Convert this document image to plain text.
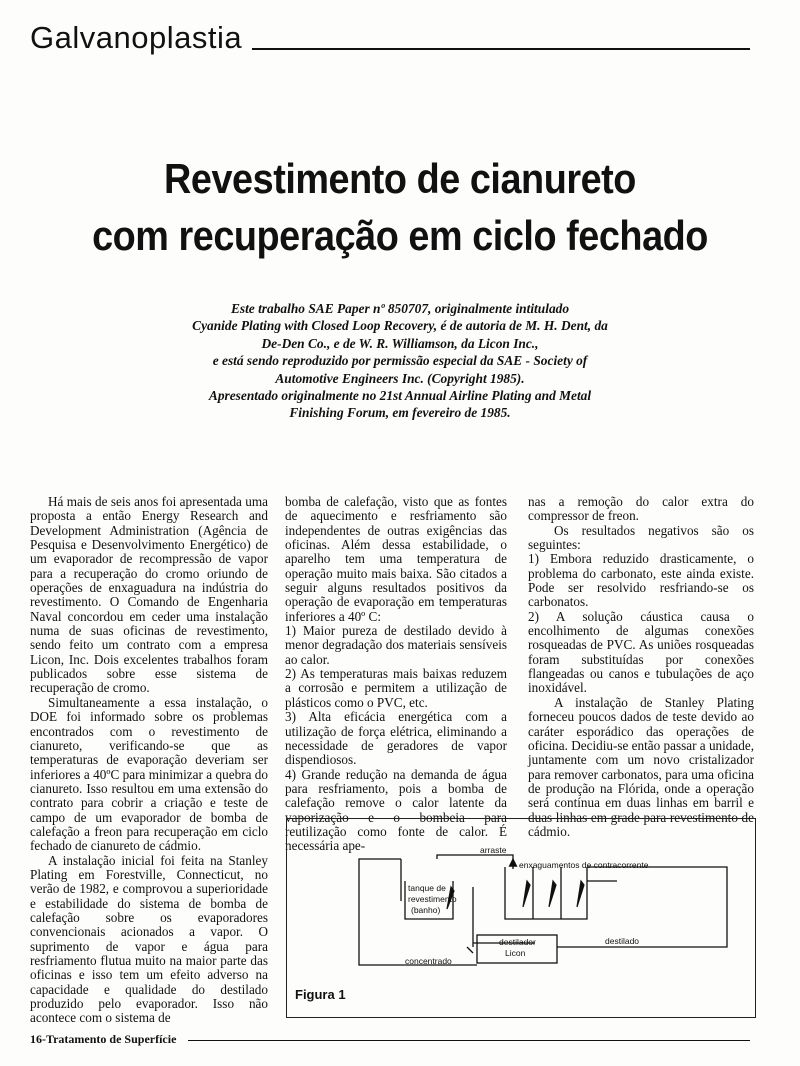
Galvanoplastia
Revestimento de cianureto
com recuperação em ciclo fechado
Este trabalho SAE Paper nº 850707, originalmente intitulado
Cyanide Plating with Closed Loop Recovery, é de autoria de M. H. Dent, da
De-Den Co., e de W. R. Williamson, da Licon Inc.,
e está sendo reproduzido por permissão especial da SAE - Society of
Automotive Engineers Inc. (Copyright 1985).
Apresentado originalmente no 21st Annual Airline Plating and Metal
Finishing Forum, em fevereiro de 1985.

Há mais de seis anos foi apresentada uma proposta a então Energy Research and Development Administration (Agência de Pesquisa e Desenvolvimento Energético) de um evaporador de recompressão de vapor para a recuperação do cromo oriundo de operações de enxaguadura na indústria do revestimento. O Comando de Engenharia Naval concordou em ceder uma instalação numa de suas oficinas de revestimento, sendo feito um contrato com a empresa Licon, Inc. Dois excelentes trabalhos foram publicados sobre esse sistema de recuperação de cromo.

Simultaneamente a essa instalação, o DOE foi informado sobre os problemas encontrados com o revestimento de cianureto, verificando-se que as temperaturas de evaporação deveriam ser inferiores a 40ºC para minimizar a quebra do cianureto. Isso resultou em uma extensão do contrato para cobrir a criação e teste de campo de um evaporador de bomba de calefação a freon para recuperação em ciclo fechado de cianureto de cádmio.

A instalação inicial foi feita na Stanley Plating em Forestville, Connecticut, no verão de 1982, e comprovou a superioridade e estabilidade do sistema de bomba de calefação sobre os evaporadores convencionais acionados a vapor. O suprimento de vapor e água para resfriamento flutua muito na maior parte das oficinas e isso tem um efeito adverso na capacidade e qualidade do destilado produzido pelo evaporador. Isso não acontece com o sistema de

bomba de calefação, visto que as fontes de aquecimento e resfriamento são independentes de outras exigências das oficinas. Além dessa estabilidade, o aparelho tem uma temperatura de operação muito mais baixa. São citados a seguir alguns resultados positivos da operação de evaporação em temperaturas inferiores a 40º C:

1) Maior pureza de destilado devido à menor degradação dos materiais sensíveis ao calor.

2) As temperaturas mais baixas reduzem a corrosão e permitem a utilização de plásticos como o PVC, etc.

3) Alta eficácia energética com a utilização de força elétrica, eliminando a necessidade de geradores de vapor dispendiosos.

4) Grande redução na demanda de água para resfriamento, pois a bomba de calefação remove o calor latente da vaporização e o bombeia para reutilização como fonte de calor. É necessária ape-

nas a remoção do calor extra do compressor de freon.

Os resultados negativos são os seguintes:

1) Embora reduzido drasticamente, o problema do carbonato, este ainda existe. Pode ser resolvido resfriando-se os carbonatos.

2) A solução cáustica causa o encolhimento de algumas conexões rosqueadas de PVC. As uniões rosqueadas foram substituídas por conexões flangeadas ou canos e tubulações de aço inoxidável.

A instalação de Stanley Plating forneceu poucos dados de teste devido ao caráter esporádico das operações de oficina. Decidiu-se então passar a unidade, juntamente com um novo cristalizador para remover carbonatos, para uma oficina de produção na Flórida, onde a operação será contínua em duas linhas em barril e duas linhas em grade para revestimento de cádmio.

arraste
enxaguamentos de contracorrente
tanque de
revestimento
(banho)
destilador
Licon
destilado
concentrado
Figura 1
16-Tratamento de Superfície
